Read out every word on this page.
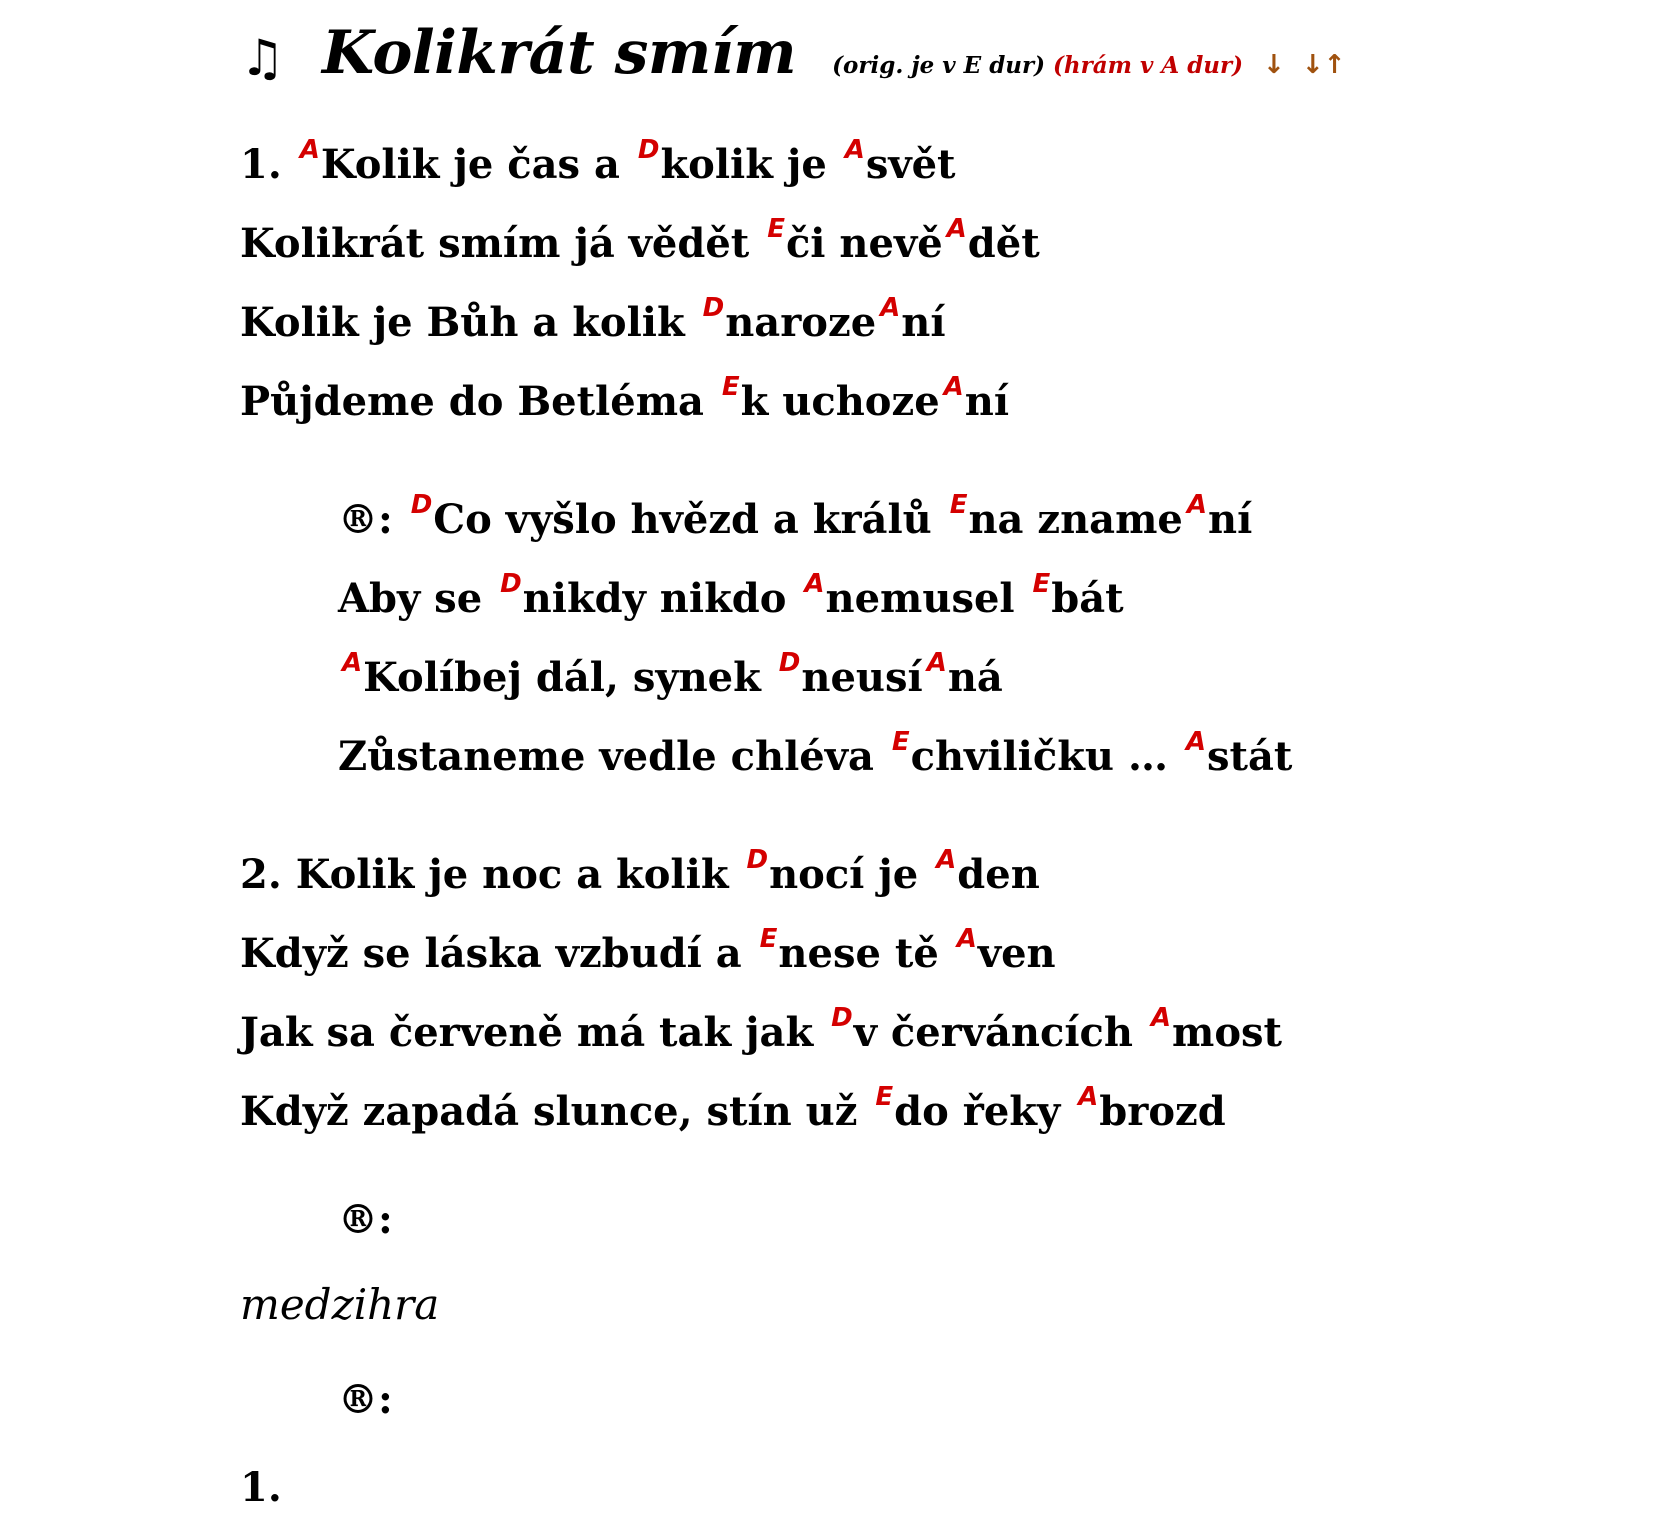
♫ Kolikrát smím (orig. je v E dur) (hrám v A dur) ↓ ↓↑
1. $^A$Kolik je čas a $^D$kolik je $^A$svět
Kolikrát smím já vědět $^E$či nevě $^A$dět
Kolik je Bůh a kolik $^D$naroze $^A$ní
Půjdeme do Betléma $^E$k uchoze $^A$ní
®: $^D$Co vyšlo hvězd a králů $^E$na zname $^A$ní
Aby se $^D$nikdy nikdo $^A$nemusel $^E$bát
$^A$Kolíbej dál, synek $^D$neusí $^A$ná
Zůstaneme vedle chléva $^E$chviličku … $^A$stát
2. Kolik je noc a kolik $^D$nocí je $^A$den
Když se láska vzbudí a $^E$nese tě $^A$ven
Jak sa červeně má tak jak $^D$v červáncích $^A$most
Když zapadá slunce, stín už $^E$do řeky $^A$brozd
®:
medzihra
®:
1.
